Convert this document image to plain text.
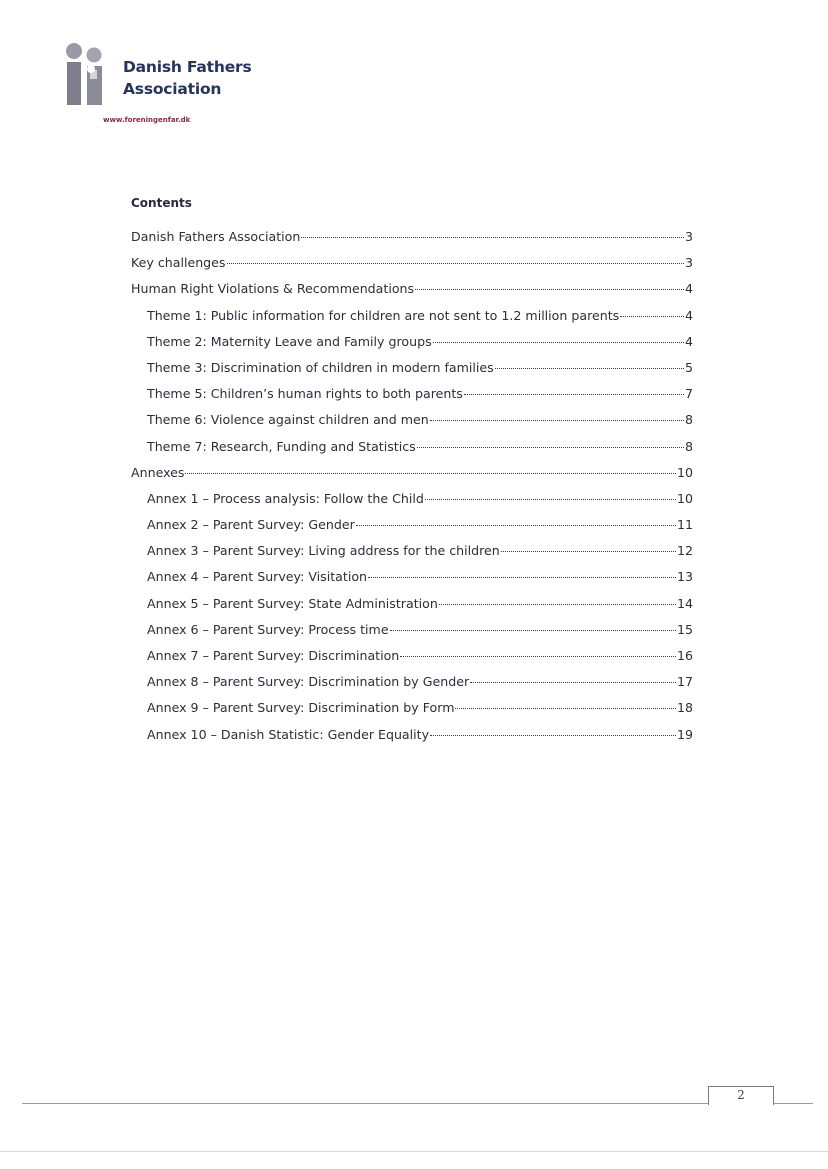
Danish Fathers
Association
www.foreningenfar.dk
Contents
Danish Fathers Association	3
Key challenges	3
Human Right Violations & Recommendations	4
Theme 1: Public information for children are not sent to 1.2 million parents	4
Theme 2: Maternity Leave and Family groups	4
Theme 3: Discrimination of children in modern families	5
Theme 5: Children’s human rights to both parents	7
Theme 6: Violence against children and men	8
Theme 7: Research, Funding and Statistics	8
Annexes	10
Annex 1 – Process analysis: Follow the Child	10
Annex 2 – Parent Survey: Gender	11
Annex 3 – Parent Survey: Living address for the children	12
Annex 4 – Parent Survey: Visitation	13
Annex 5 – Parent Survey: State Administration	14
Annex 6 – Parent Survey: Process time	15
Annex 7 – Parent Survey: Discrimination	16
Annex 8 – Parent Survey: Discrimination by Gender	17
Annex 9 – Parent Survey: Discrimination by Form	18
Annex 10 – Danish Statistic: Gender Equality	19
2
